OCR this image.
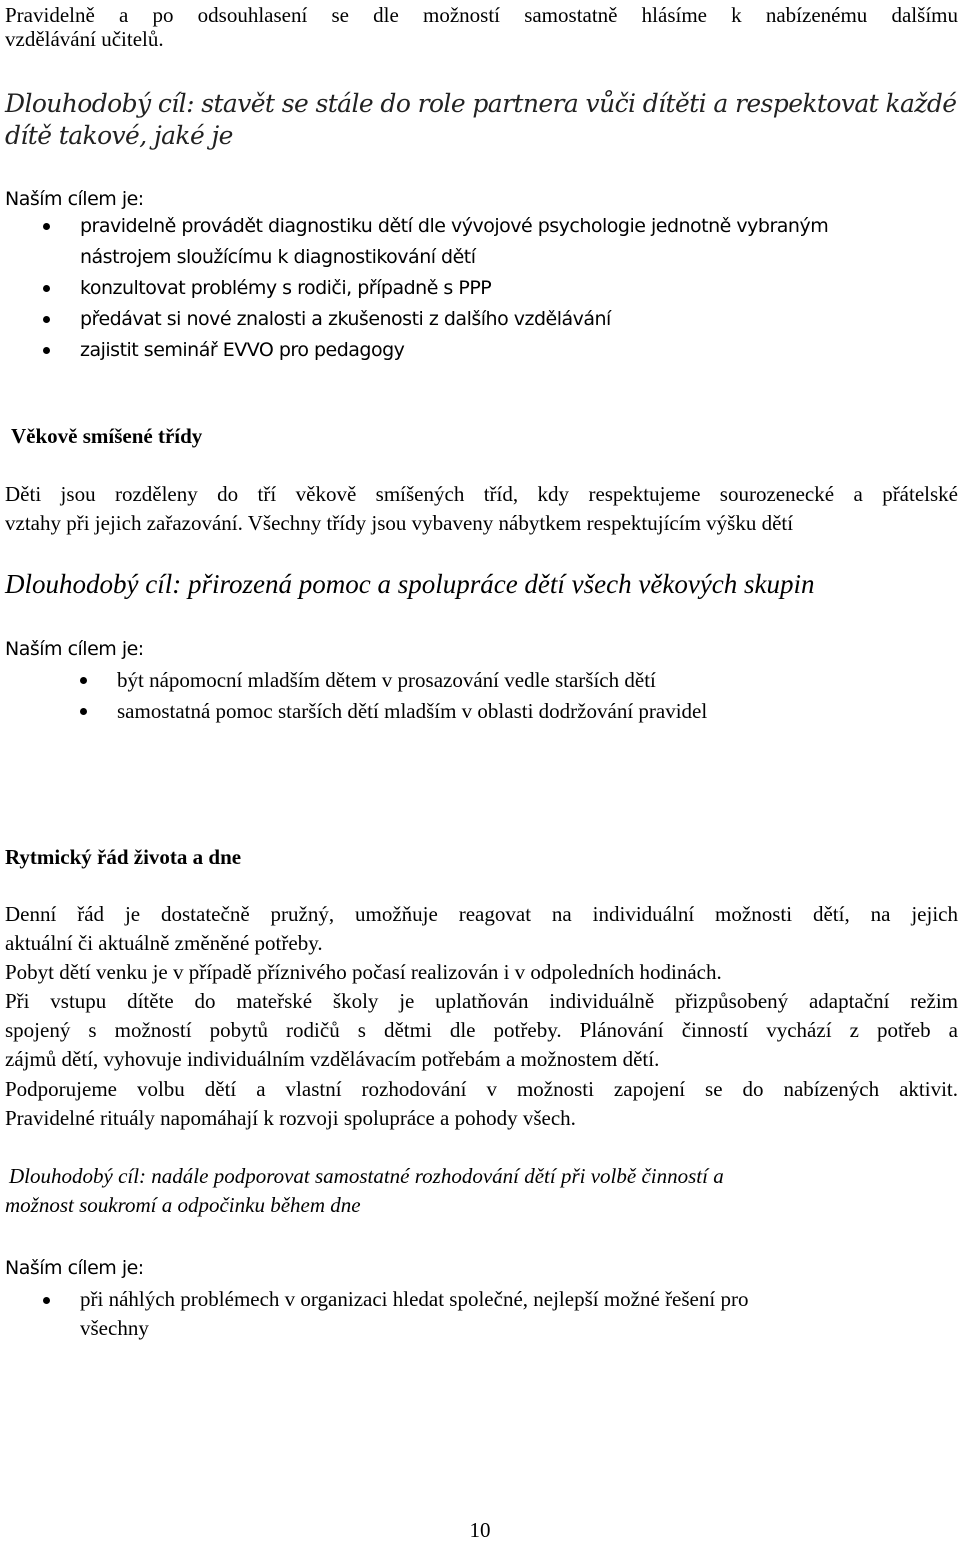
Pravidelně a po odsouhlasení se dle možností samostatně hlásíme k nabízenému dalšímu

vzdělávání učitelů.

Dlouhodobý cíl: stavět se stále do role partnera vůči dítěti a respektovat každé

dítě takové, jaké je

Naším cílem je:

pravidelně provádět diagnostiku dětí dle vývojové psychologie jednotně vybraným
nástrojem sloužícímu k diagnostikování dětí
konzultovat problémy s rodiči, případně s PPP
předávat si nové znalosti a zkušenosti z dalšího vzdělávání
zajistit seminář EVVO pro pedagogy

Věkově smíšené třídy

Děti jsou rozděleny do tří věkově smíšených tříd, kdy respektujeme sourozenecké a přátelské

vztahy při jejich zařazování. Všechny třídy jsou vybaveny nábytkem respektujícím výšku dětí

Dlouhodobý cíl: přirozená pomoc a spolupráce dětí všech věkových skupin

Naším cílem je:

být nápomocní mladším dětem v prosazování vedle starších dětí
samostatná pomoc starších dětí mladším v oblasti dodržování pravidel

Rytmický řád života a dne

Denní řád je dostatečně pružný, umožňuje reagovat na individuální možnosti dětí, na jejich

aktuální či aktuálně změněné potřeby.

Pobyt dětí venku je v případě příznivého počasí realizován i v odpoledních hodinách.

Při vstupu dítěte do mateřské školy je uplatňován individuálně přizpůsobený adaptační režim

spojený s možností pobytů rodičů s dětmi dle potřeby. Plánování činností vychází z potřeb a

zájmů dětí, vyhovuje individuálním vzdělávacím potřebám a možnostem dětí.

Podporujeme volbu dětí a vlastní rozhodování v možnosti zapojení se do nabízených aktivit.

Pravidelné rituály napomáhají k rozvoji spolupráce a pohody všech.

Dlouhodobý cíl: nadále podporovat samostatné rozhodování dětí při volbě činností a

možnost soukromí a odpočinku během dne

Naším cílem je:

při náhlých problémech v organizaci hledat společné, nejlepší možné řešení pro
všechny
10
